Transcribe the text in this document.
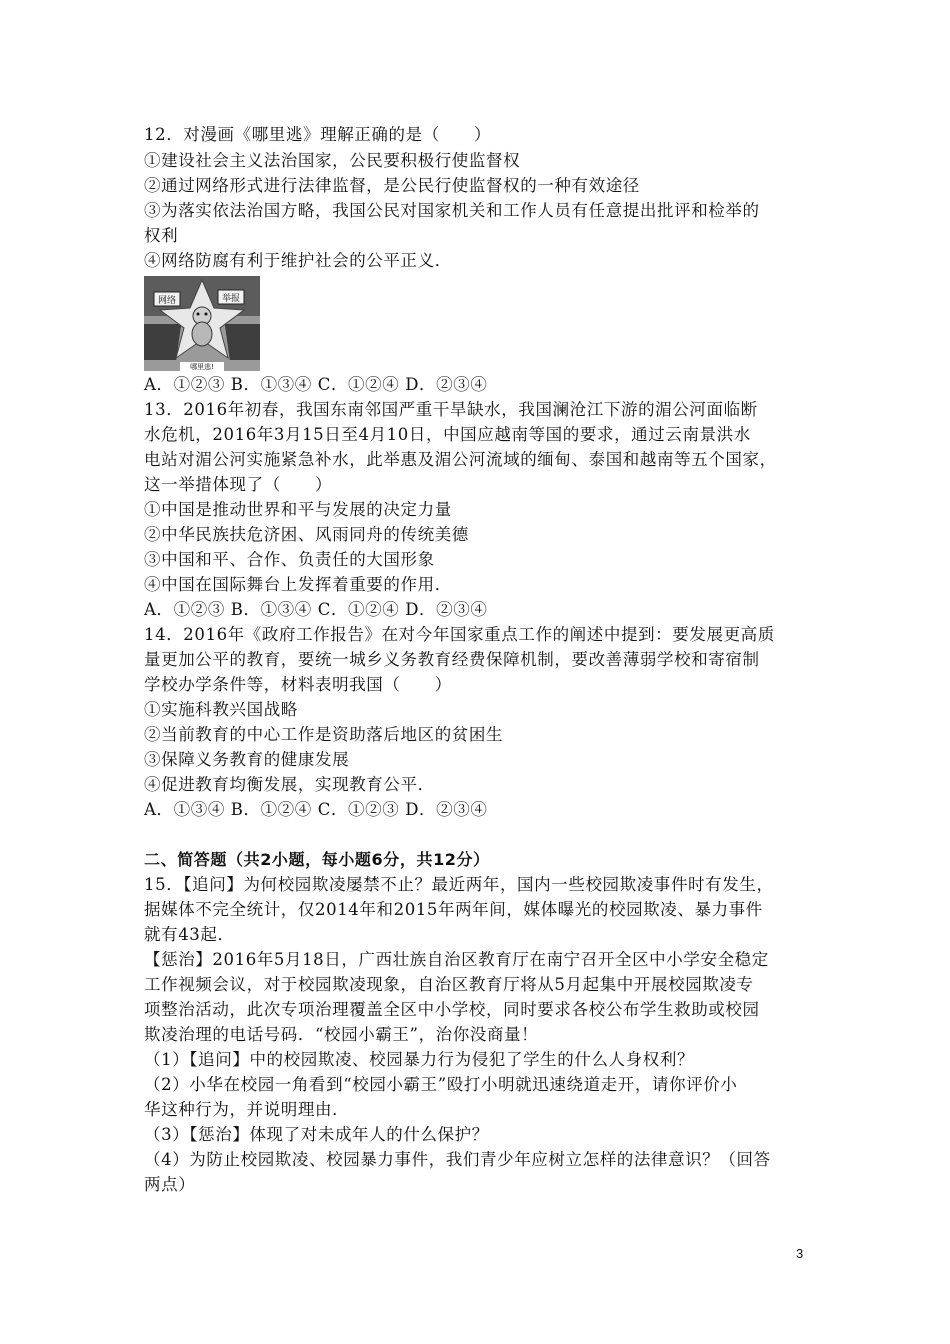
12．对漫画《哪里逃》理解正确的是（　　）
①建设社会主义法治国家，公民要积极行使监督权
②通过网络形式进行法律监督，是公民行使监督权的一种有效途径
③为落实依法治国方略，我国公民对国家机关和工作人员有任意提出批评和检举的
权利
④网络防腐有利于维护社会的公平正义．
网络	举报
哪里逃!
A．①②③ B．①③④ C．①②④ D．②③④
13．2016年初春，我国东南邻国严重干旱缺水，我国澜沧江下游的湄公河面临断
水危机，2016年3月15日至4月10日，中国应越南等国的要求，通过云南景洪水
电站对湄公河实施紧急补水，此举惠及湄公河流域的缅甸、泰国和越南等五个国家，
这一举措体现了（　　）
①中国是推动世界和平与发展的决定力量
②中华民族扶危济困、风雨同舟的传统美德
③中国和平、合作、负责任的大国形象
④中国在国际舞台上发挥着重要的作用．
A．①②③ B．①③④ C．①②④ D．②③④
14．2016年《政府工作报告》在对今年国家重点工作的阐述中提到：要发展更高质
量更加公平的教育，要统一城乡义务教育经费保障机制，要改善薄弱学校和寄宿制
学校办学条件等，材料表明我国（　　）
①实施科教兴国战略
②当前教育的中心工作是资助落后地区的贫困生
③保障义务教育的健康发展
④促进教育均衡发展，实现教育公平．
A．①③④ B．①②④ C．①②③ D．②③④
二、简答题（共2小题，每小题6分，共12分）
15．【追问】为何校园欺凌屡禁不止？最近两年，国内一些校园欺凌事件时有发生，
据媒体不完全统计，仅2014年和2015年两年间，媒体曝光的校园欺凌、暴力事件
就有43起．
【惩治】2016年5月18日，广西壮族自治区教育厅在南宁召开全区中小学安全稳定
工作视频会议，对于校园欺凌现象，自治区教育厅将从5月起集中开展校园欺凌专
项整治活动，此次专项治理覆盖全区中小学校，同时要求各校公布学生救助或校园
欺凌治理的电话号码．“校园小霸王”，治你没商量！
（1）【追问】中的校园欺凌、校园暴力行为侵犯了学生的什么人身权利？
（2）小华在校园一角看到“校园小霸王”殴打小明就迅速绕道走开，请你评价小
华这种行为，并说明理由．
（3）【惩治】体现了对未成年人的什么保护？
（4）为防止校园欺凌、校园暴力事件，我们青少年应树立怎样的法律意识？（回答
两点）
3
